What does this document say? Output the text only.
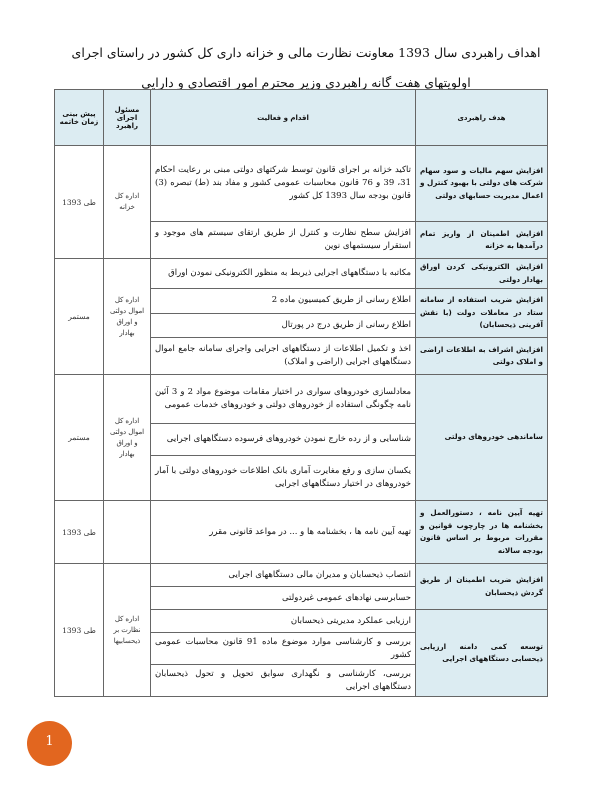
اهداف راهبردی سال 1393 معاونت نظارت مالی و خزانه داری کل کشور در راستای اجرای
اولویتهای هفت گانه راهبردی وزیر محترم امور اقتصادی و دارایی
هدف راهبردی	اقدام و فعالیت	مسئول اجرای راهبرد	پیش بینی زمان خاتمه
افزایش سهم مالیات و سود سهام شرکت های دولتی با بهبود کنترل و اعمال مدیریت حسابهای دولتی	تاکید خزانه بر اجرای قانون توسط شرکتهای دولتی مبنی بر رعایت احکام 31، 39 و 76 قانون محاسبات عمومی کشور و مفاد بند (ط) تبصره (3) قانون بودجه سال 1393 کل کشور	اداره کل خزانه	طی 1393
افزایش اطمینان از واریز تمام درآمدها به خزانه	افزایش سطح نظارت و کنترل از طریق ارتقای سیستم های موجود و استقرار سیستمهای نوین		
افزایش الکترونیکی کردن اوراق بهادار دولتی	مکاتبه با دستگاههای اجرایی ذیربط به منظور الکترونیکی نمودن اوراق	اداره کل اموال دولتی و اوراق بهادار	مستمر
افزایش ضریب استفاده از سامانه ستاد در معاملات دولت (با نقش آفرینی ذیحسابان)	اطلاع رسانی از طریق کمیسیون ماده 2		
	اطلاع رسانی از طریق درج در پورتال		
افزایش اشراف به اطلاعات اراضی و املاک دولتی	اخذ و تکمیل اطلاعات از دستگاههای اجرایی واجرای سامانه جامع اموال دستگاههای اجرایی (اراضی و املاک)		
ساماندهی خودروهای دولتی	معادلسازی خودروهای سواری در اختیار مقامات موضوع مواد 2 و 3 آئین نامه چگونگی استفاده از خودروهای دولتی و خودروهای خدمات عمومی	اداره کل اموال دولتی و اوراق بهادار	مستمر
	شناسایی و از رده خارج نمودن خودروهای فرسوده دستگاههای اجرایی		
	یکسان سازی و رفع مغایرت آماری بانک اطلاعات خودروهای دولتی با آمار خودروهای در اختیار دستگاههای اجرایی		
تهیه آیین نامه ، دستورالعمل و بخشنامه ها در چارچوب قوانین و مقررات مربوط بر اساس قانون بودجه سالانه	تهیه آیین نامه ها ، بخشنامه ها و ... در مواعد قانونی مقرر		طی 1393
افزایش ضریب اطمینان از طریق گردش ذیحسابان	انتصاب ذیحسابان و مدیران مالی دستگاههای اجرایی	اداره کل نظارت بر ذیحسابیها	طی 1393
	حسابرسی نهادهای عمومی غیردولتی		
توسعه کمی دامنه ارزیابی ذیحسابی دستگاههای اجرایی	ارزیابی عملکرد مدیریتی ذیحسابان		
	بررسی و کارشناسی موارد موضوع ماده 91 قانون محاسبات عمومی کشور		
	بررسی، کارشناسی و نگهداری سوابق تحویل و تحول ذیحسابان دستگاههای اجرایی		
1
